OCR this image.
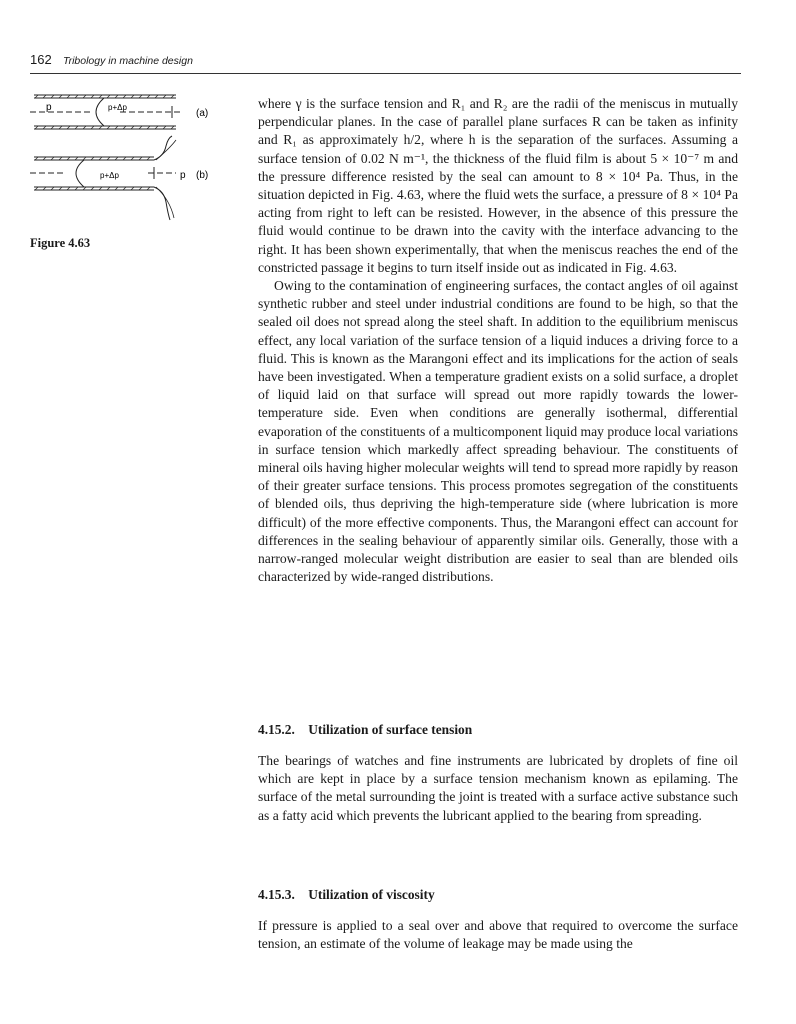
162 Tribology in machine design
p	p+Δp
(a)
p+Δp	p (b)
Figure 4.63

where γ is the surface tension and R₁ and R₂ are the radii of the meniscus in mutually perpendicular planes. In the case of parallel plane surfaces R can be taken as infinity and R₁ as approximately h/2, where h is the separation of the surfaces. Assuming a surface tension of 0.02 N m⁻¹, the thickness of the fluid film is about 5 × 10⁻⁷ m and the pressure difference resisted by the seal can amount to 8 × 10⁴ Pa. Thus, in the situation depicted in Fig. 4.63, where the fluid wets the surface, a pressure of 8 × 10⁴ Pa acting from right to left can be resisted. However, in the absence of this pressure the fluid would continue to be drawn into the cavity with the interface advancing to the right. It has been shown experimentally, that when the meniscus reaches the end of the constricted passage it begins to turn itself inside out as indicated in Fig. 4.63.

Owing to the contamination of engineering surfaces, the contact angles of oil against synthetic rubber and steel under industrial conditions are found to be high, so that the sealed oil does not spread along the steel shaft. In addition to the equilibrium meniscus effect, any local variation of the surface tension of a liquid induces a driving force to a fluid. This is known as the Marangoni effect and its implications for the action of seals have been investigated. When a temperature gradient exists on a solid surface, a droplet of liquid laid on that surface will spread out more rapidly towards the lower-temperature side. Even when conditions are generally isothermal, differential evaporation of the constituents of a multicomponent liquid may produce local variations in surface tension which markedly affect spreading behaviour. The constituents of mineral oils having higher molecular weights will tend to spread more rapidly by reason of their greater surface tensions. This process promotes segregation of the constituents of blended oils, thus depriving the high-temperature side (where lubrication is more difficult) of the more effective components. Thus, the Marangoni effect can account for differences in the sealing behaviour of apparently similar oils. Generally, those with a narrow-ranged molecular weight distribution are easier to seal than are blended oils characterized by wide-ranged distributions.

4.15.2. Utilization of surface tension

The bearings of watches and fine instruments are lubricated by droplets of fine oil which are kept in place by a surface tension mechanism known as epilaming. The surface of the metal surrounding the joint is treated with a surface active substance such as a fatty acid which prevents the lubricant applied to the bearing from spreading.

4.15.3. Utilization of viscosity

If pressure is applied to a seal over and above that required to overcome the surface tension, an estimate of the volume of leakage may be made using the
